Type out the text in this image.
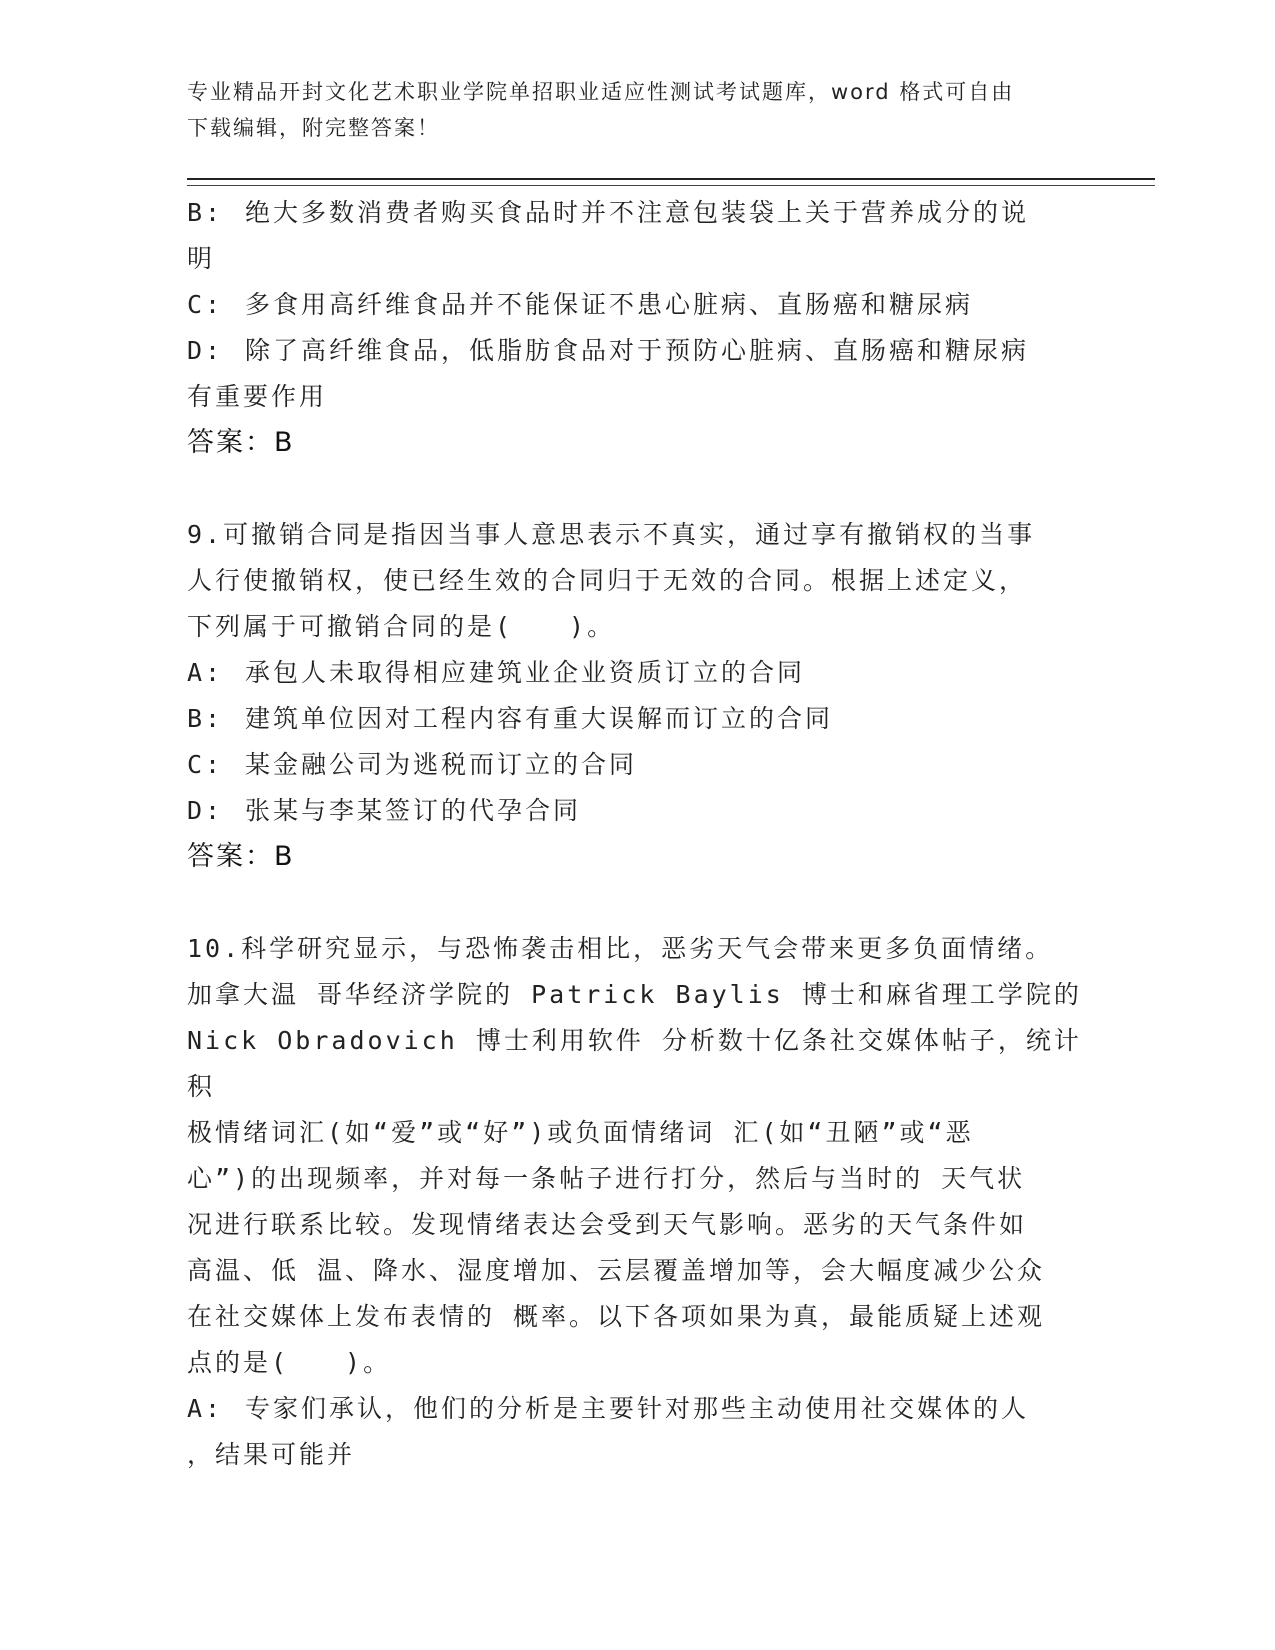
专业精品开封文化艺术职业学院单招职业适应性测试考试题库，word 格式可自由
下载编辑，附完整答案！
B: 绝大多数消费者购买食品时并不注意包装袋上关于营养成分的说
明
C: 多食用高纤维食品并不能保证不患心脏病、直肠癌和糖尿病
D: 除了高纤维食品，低脂肪食品对于预防心脏病、直肠癌和糖尿病
有重要作用
答案：B
9.可撤销合同是指因当事人意思表示不真实，通过享有撤销权的当事
人行使撤销权，使已经生效的合同归于无效的合同。根据上述定义，
下列属于可撤销合同的是(　　)。
A: 承包人未取得相应建筑业企业资质订立的合同
B: 建筑单位因对工程内容有重大误解而订立的合同
C: 某金融公司为逃税而订立的合同
D: 张某与李某签订的代孕合同
答案：B
10.科学研究显示，与恐怖袭击相比，恶劣天气会带来更多负面情绪。
加拿大温 哥华经济学院的 Patrick Baylis 博士和麻省理工学院的
Nick Obradovich 博士利用软件 分析数十亿条社交媒体帖子，统计积
极情绪词汇(如“爱”或“好”)或负面情绪词 汇(如“丑陋”或“恶
心”)的出现频率，并对每一条帖子进行打分，然后与当时的 天气状
况进行联系比较。发现情绪表达会受到天气影响。恶劣的天气条件如
高温、低 温、降水、湿度增加、云层覆盖增加等，会大幅度减少公众
在社交媒体上发布表情的 概率。以下各项如果为真，最能质疑上述观
点的是(　　)。
A: 专家们承认，他们的分析是主要针对那些主动使用社交媒体的人
，结果可能并
